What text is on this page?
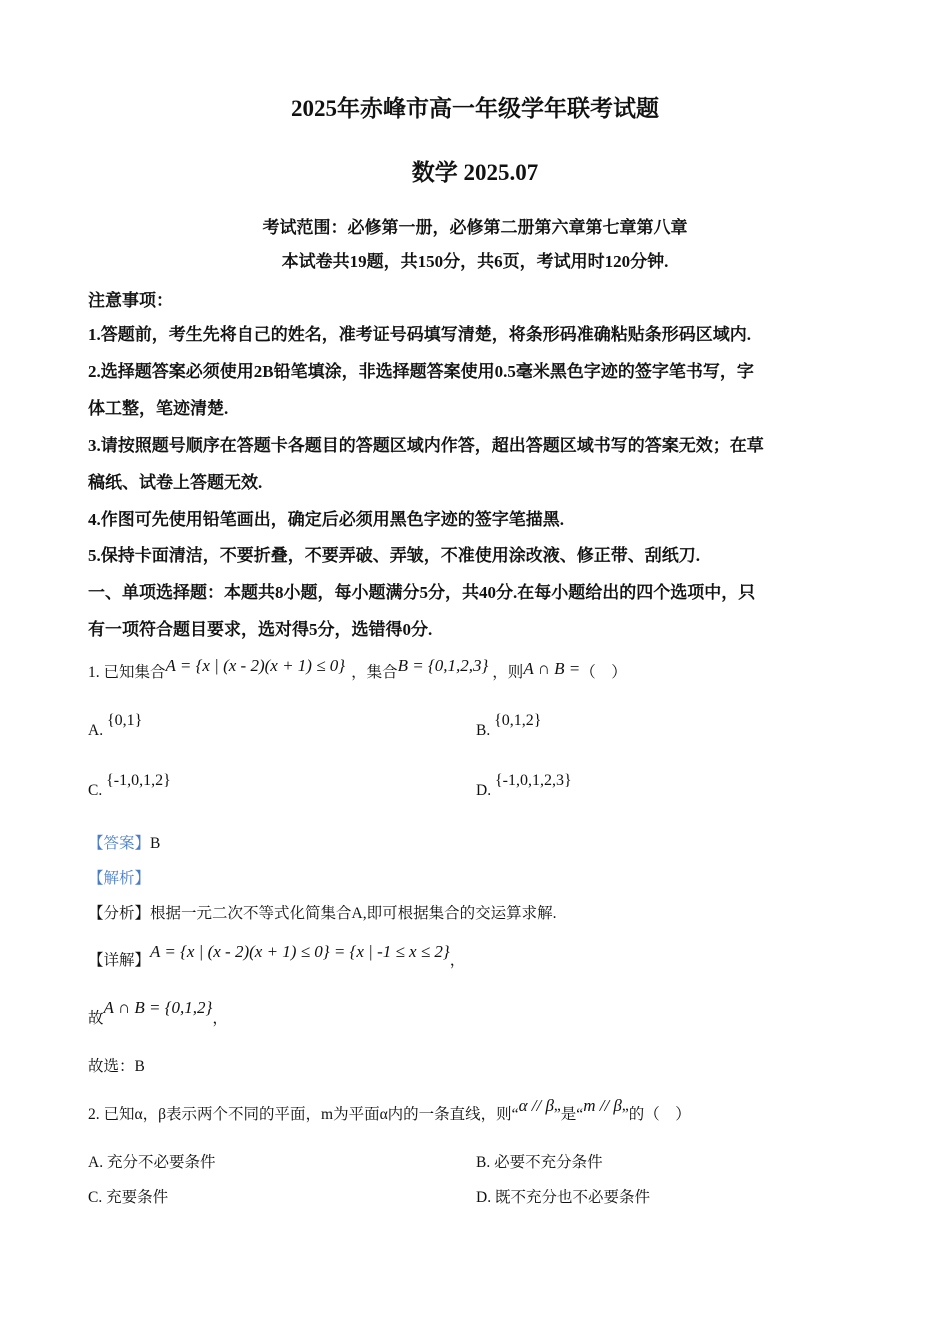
2025年赤峰市高一年级学年联考试题
数学 2025.07
考试范围：必修第一册，必修第二册第六章第七章第八章
本试卷共19题，共150分，共6页，考试用时120分钟.
注意事项：
1.答题前，考生先将自己的姓名，准考证号码填写清楚，将条形码准确粘贴条形码区域内.
2.选择题答案必须使用2B铅笔填涂，非选择题答案使用0.5毫米黑色字迹的签字笔书写，字
体工整，笔迹清楚.
3.请按照题号顺序在答题卡各题目的答题区域内作答，超出答题区域书写的答案无效；在草
稿纸、试卷上答题无效.
4.作图可先使用铅笔画出，确定后必须用黑色字迹的签字笔描黑.
5.保持卡面清洁，不要折叠，不要弄破、弄皱，不准使用涂改液、修正带、刮纸刀.
一、单项选择题：本题共8小题，每小题满分5分，共40分.在每小题给出的四个选项中，只
有一项符合题目要求，选对得5分，选错得0分.
1. 已知集合A = {x | (x - 2)(x + 1) ≤ 0} ，集合B = {0,1,2,3} ，则A ∩ B =（　）
A. {0,1}
B. {0,1,2}
C. {-1,0,1,2}
D. {-1,0,1,2,3}
【答案】B
【解析】
【分析】根据一元二次不等式化简集合A,即可根据集合的交运算求解.
【详解】A = {x | (x - 2)(x + 1) ≤ 0} = {x | -1 ≤ x ≤ 2}，
故A ∩ B = {0,1,2}，
故选：B
2. 已知α，β表示两个不同的平面，m为平面α内的一条直线，则“α // β”是“m // β”的（　）
A. 充分不必要条件	B. 必要不充分条件
C. 充要条件	D. 既不充分也不必要条件
